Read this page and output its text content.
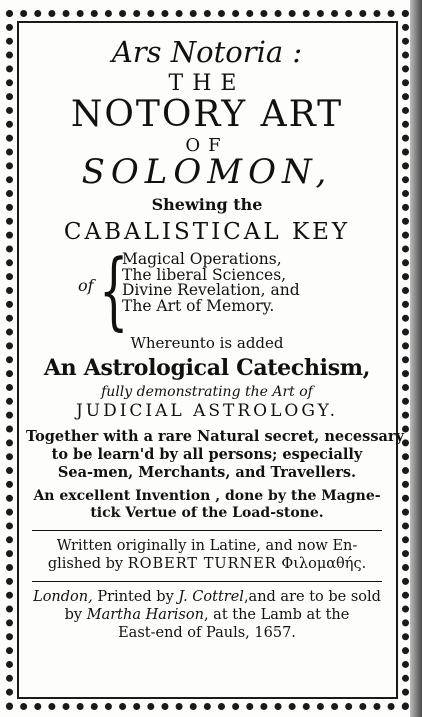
Ars Notoria :
THE
NOTORY ART
OF
SOLOMON,
Shewing the
CABALISTICAL KEY
of {
Magical Operations,
The liberal Sciences,
Divine Revelation, and
The Art of Memory.
Whereunto is added
An Astrological Catechism,
fully demonstrating the Art of
JUDICIAL ASTROLOGY.
Together with a rare Natural secret, necessary
to be learn'd by all persons; especially
Sea-men, Merchants, and Travellers.
An excellent Invention , done by the Magne-
tick Vertue of the Load-stone.
Written originally in Latine, and now En-
glished by ROBERT TURNER Φιλομαθής.
London, Printed by J. Cottrel,and are to be sold
by Martha Harison, at the Lamb at the
East-end of Pauls, 1657.
